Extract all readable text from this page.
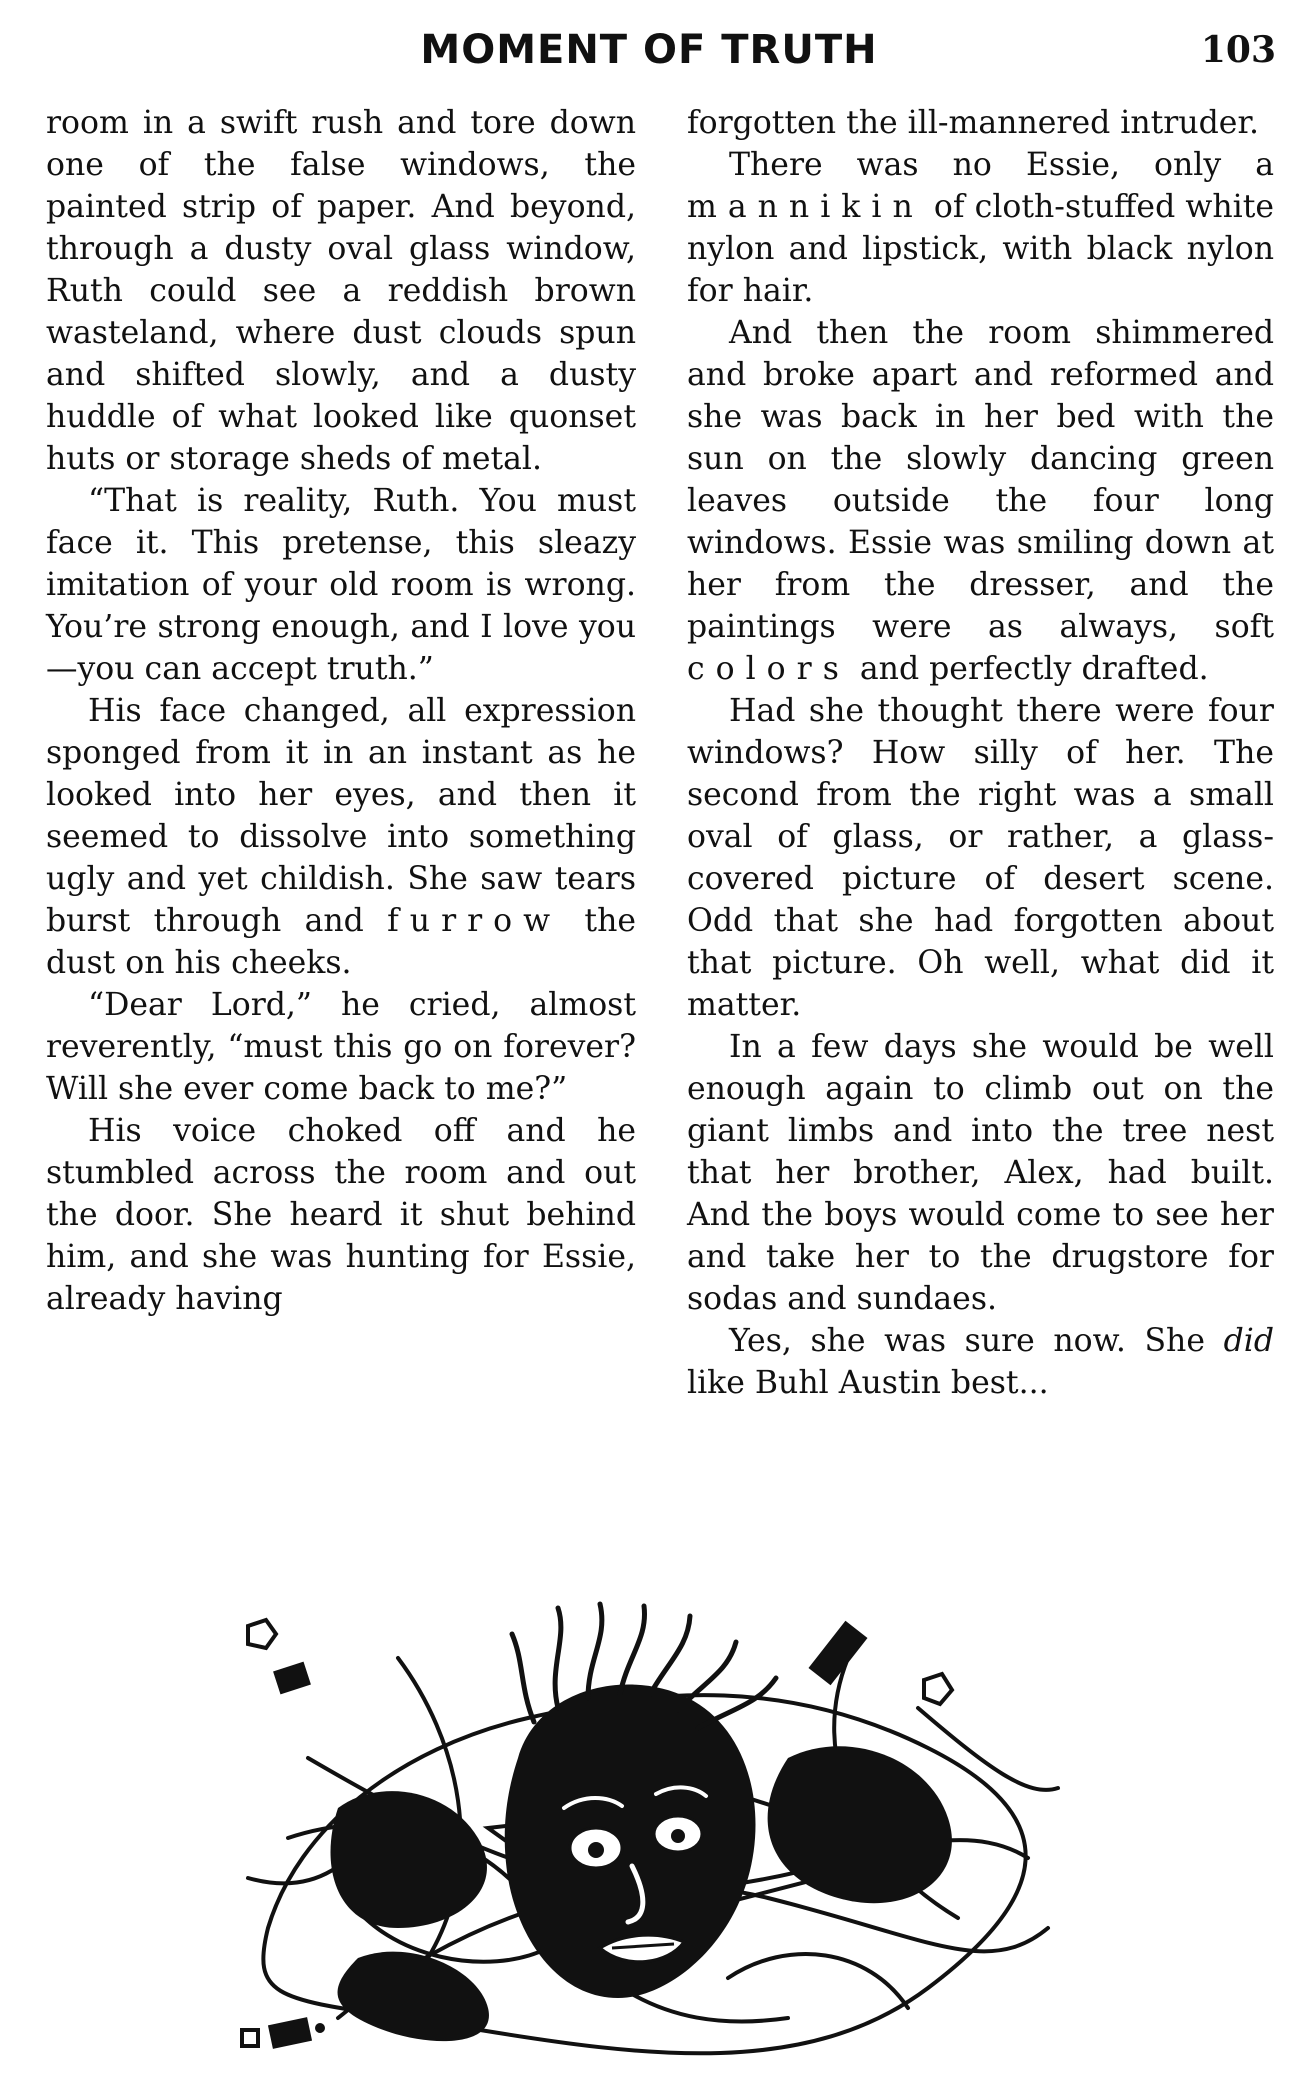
MOMENT OF TRUTH	103

room in a swift rush and tore down one of the false windows, the painted strip of paper. And beyond, through a dusty oval glass window, Ruth could see a reddish brown wasteland, where dust clouds spun and shifted slowly, and a dusty huddle of what looked like quonset huts or storage sheds of metal.

“That is reality, Ruth. You must face it. This pretense, this sleazy imitation of your old room is wrong. You’re strong enough, and I love you —you can accept truth.”

His face changed, all expression sponged from it in an instant as he looked into her eyes, and then it seemed to dissolve into something ugly and yet childish. She saw tears burst through and furrow the dust on his cheeks.

“Dear Lord,” he cried, almost reverently, “must this go on forever? Will she ever come back to me?”

His voice choked off and he stumbled across the room and out the door. She heard it shut behind him, and she was hunting for Essie, already having

forgotten the ill-mannered intruder.

There was no Essie, only a mannikin of cloth-stuffed white nylon and lipstick, with black nylon for hair.

And then the room shimmered and broke apart and reformed and she was back in her bed with the sun on the slowly dancing green leaves outside the four long windows. Essie was smiling down at her from the dresser, and the paintings were as always, soft colors and perfectly drafted.

Had she thought there were four windows? How silly of her. The second from the right was a small oval of glass, or rather, a glass-covered picture of desert scene. Odd that she had forgotten about that picture. Oh well, what did it matter.

In a few days she would be well enough again to climb out on the giant limbs and into the tree nest that her brother, Alex, had built. And the boys would come to see her and take her to the drugstore for sodas and sundaes.

Yes, she was sure now. She did like Buhl Austin best...
